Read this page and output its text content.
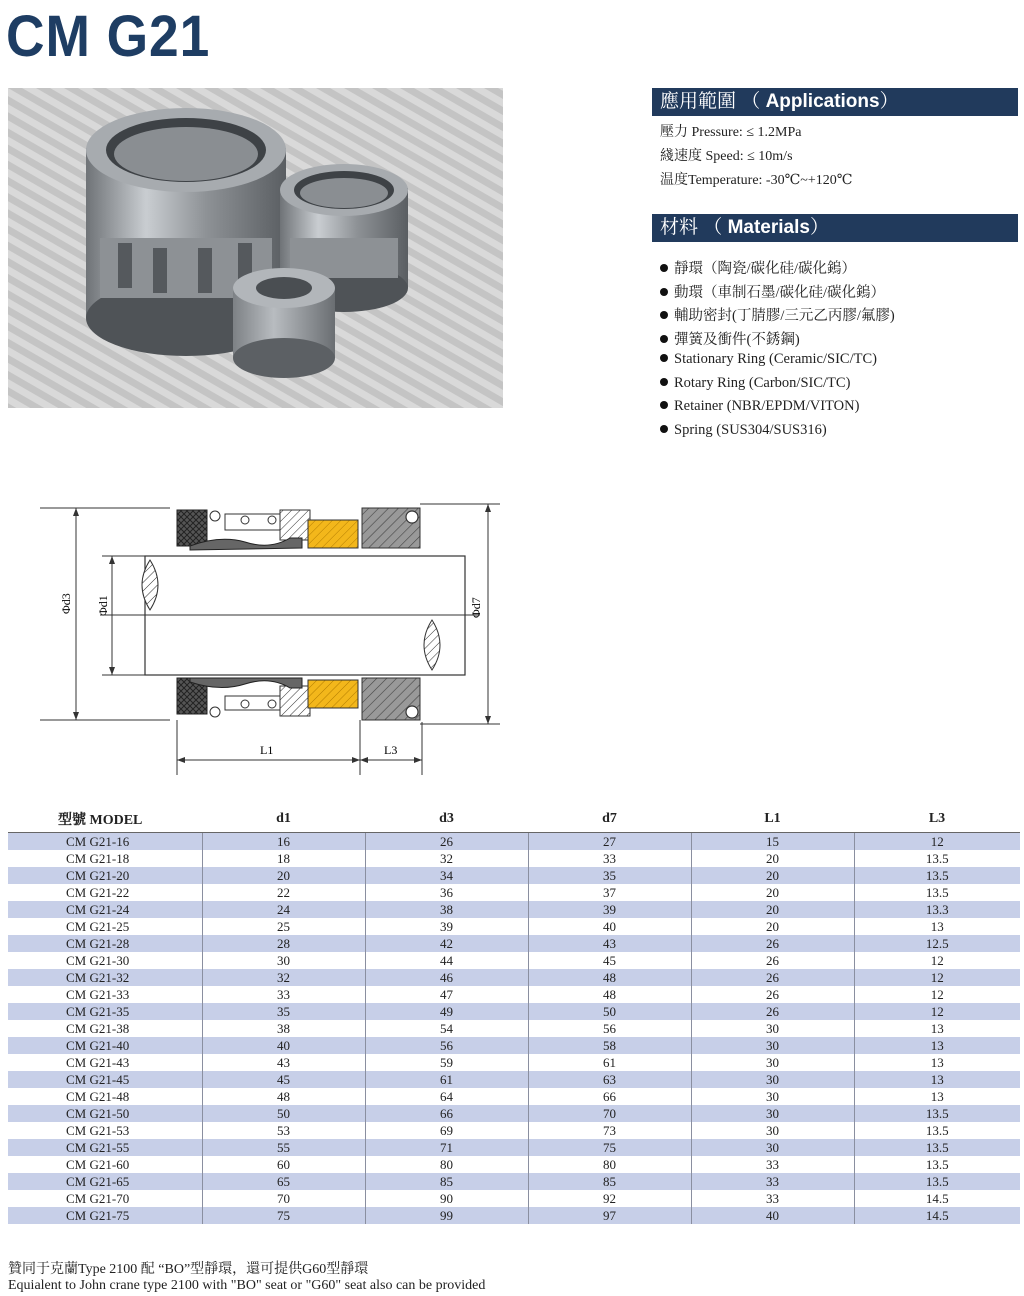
CM G21
應用範圍 （ Applications）
壓力 Pressure: ≤ 1.2MPa
綫速度 Speed: ≤ 10m/s
温度Temperature: -30℃~+120℃
材料 （ Materials）
靜環（陶瓷/碳化硅/碳化鎢）
動環（車制石墨/碳化硅/碳化鎢）
輔助密封(丁腈膠/三元乙丙膠/氟膠)
彈簧及衝件(不銹鋼)
Stationary Ring (Ceramic/SIC/TC)
Rotary Ring (Carbon/SIC/TC)
Retainer (NBR/EPDM/VITON)
Spring (SUS304/SUS316)
Φd3 Φd1	Φd7
L1	L3
型號 MODEL	d1	d3	d7	L1	L3
CM G21-16	16	26	27	15	12
CM G21-18	18	32	33	20	13.5
CM G21-20	20	34	35	20	13.5
CM G21-22	22	36	37	20	13.5
CM G21-24	24	38	39	20	13.3
CM G21-25	25	39	40	20	13
CM G21-28	28	42	43	26	12.5
CM G21-30	30	44	45	26	12
CM G21-32	32	46	48	26	12
CM G21-33	33	47	48	26	12
CM G21-35	35	49	50	26	12
CM G21-38	38	54	56	30	13
CM G21-40	40	56	58	30	13
CM G21-43	43	59	61	30	13
CM G21-45	45	61	63	30	13
CM G21-48	48	64	66	30	13
CM G21-50	50	66	70	30	13.5
CM G21-53	53	69	73	30	13.5
CM G21-55	55	71	75	30	13.5
CM G21-60	60	80	80	33	13.5
CM G21-65	65	85	85	33	13.5
CM G21-70	70	90	92	33	14.5
CM G21-75	75	99	97	40	14.5
贊同于克蘭Type 2100 配 “BO”型靜環，還可提供G60型靜環
Equialent to John crane type 2100 with "BO" seat or "G60" seat also can be provided
